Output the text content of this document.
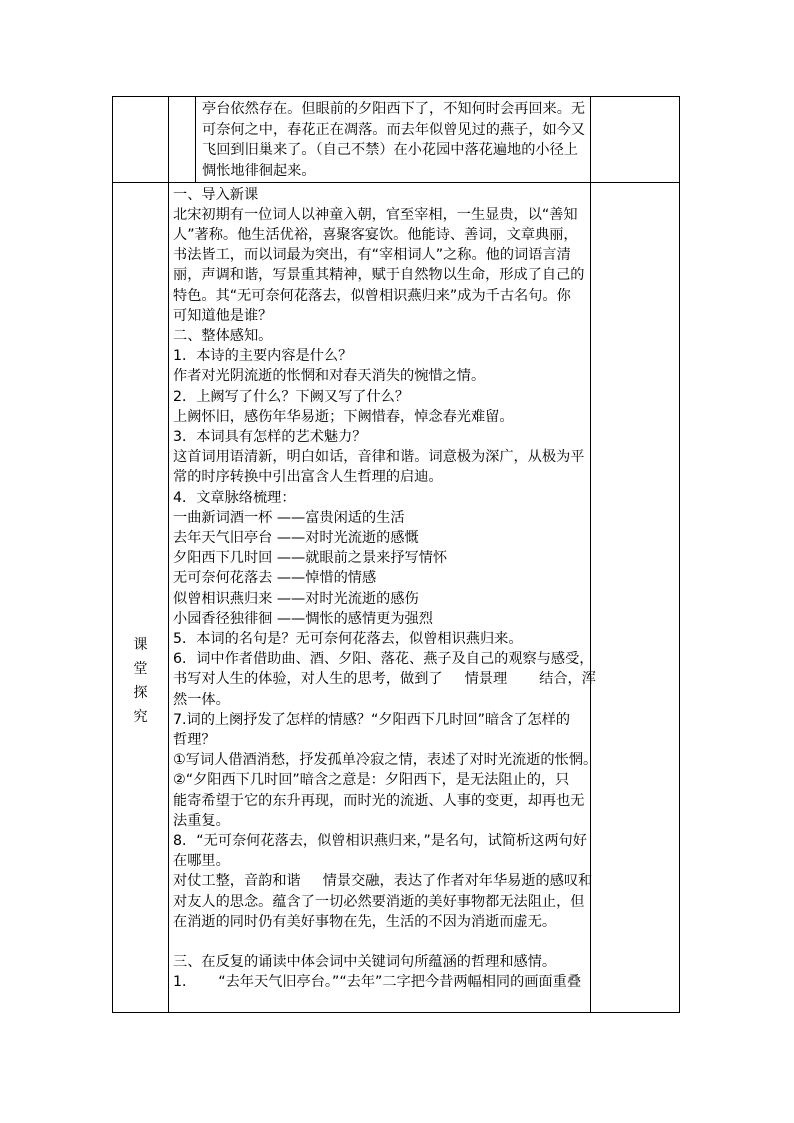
亭台依然存在。但眼前的夕阳西下了，不知何时会再回来。无

可奈何之中，春花正在凋落。而去年似曾见过的燕子，如今又

飞回到旧巢来了。（自己不禁）在小花园中落花遍地的小径上

惆怅地徘徊起来。

课
堂
探
究

一、导入新课

北宋初期有一位词人以神童入朝，官至宰相，一生显贵，以“善知

人”著称。他生活优裕，喜聚客宴饮。他能诗、善词，文章典丽，

书法皆工，而以词最为突出，有“宰相词人”之称。他的词语言清

丽，声调和谐，写景重其精神，赋于自然物以生命，形成了自己的

特色。其“无可奈何花落去，似曾相识燕归来”成为千古名句。你

可知道他是谁？

二、整体感知。

1．本诗的主要内容是什么？

作者对光阴流逝的怅惘和对春天消失的惋惜之情。

2．上阙写了什么？下阙又写了什么？

上阙怀旧，感伤年华易逝；下阙惜春，悼念春光难留。

3．本词具有怎样的艺术魅力？

这首词用语清新，明白如话，音律和谐。词意极为深广，从极为平

常的时序转换中引出富含人生哲理的启迪。

4．文章脉络梳理：

一曲新词酒一杯 ——富贵闲适的生活

去年天气旧亭台 ——对时光流逝的感慨

夕阳西下几时回 ——就眼前之景来抒写情怀

无可奈何花落去 ——悼惜的情感

似曾相识燕归来 ——对时光流逝的感伤

小园香径独徘徊 ——惆怅的感情更为强烈

5．本词的名句是？无可奈何花落去，似曾相识燕归来。

6．词中作者借助曲、酒、夕阳、落花、燕子及自己的观察与感受，

书写对人生的体验，对人生的思考，做到了 情景理 结合，浑

然一体。

7.词的上阕抒发了怎样的情感？“夕阳西下几时回”暗含了怎样的

哲理？

①写词人借酒消愁，抒发孤单冷寂之情，表述了对时光流逝的怅惘。

②“夕阳西下几时回”暗含之意是：夕阳西下，是无法阻止的，只

能寄希望于它的东升再现，而时光的流逝、人事的变更，却再也无

法重复。

8．“无可奈何花落去，似曾相识燕归来，”是名句，试简析这两句好

在哪里。

对仗工整，音韵和谐 情景交融，表达了作者对年华易逝的感叹和

对友人的思念。蕴含了一切必然要消逝的美好事物都无法阻止，但

在消逝的同时仍有美好事物在先，生活的不因为消逝而虚无。

三、在反复的诵读中体会词中关键词句所蕴涵的哲理和感情。

1． “去年天气旧亭台。”“去年”二字把今昔两幅相同的画面重叠
